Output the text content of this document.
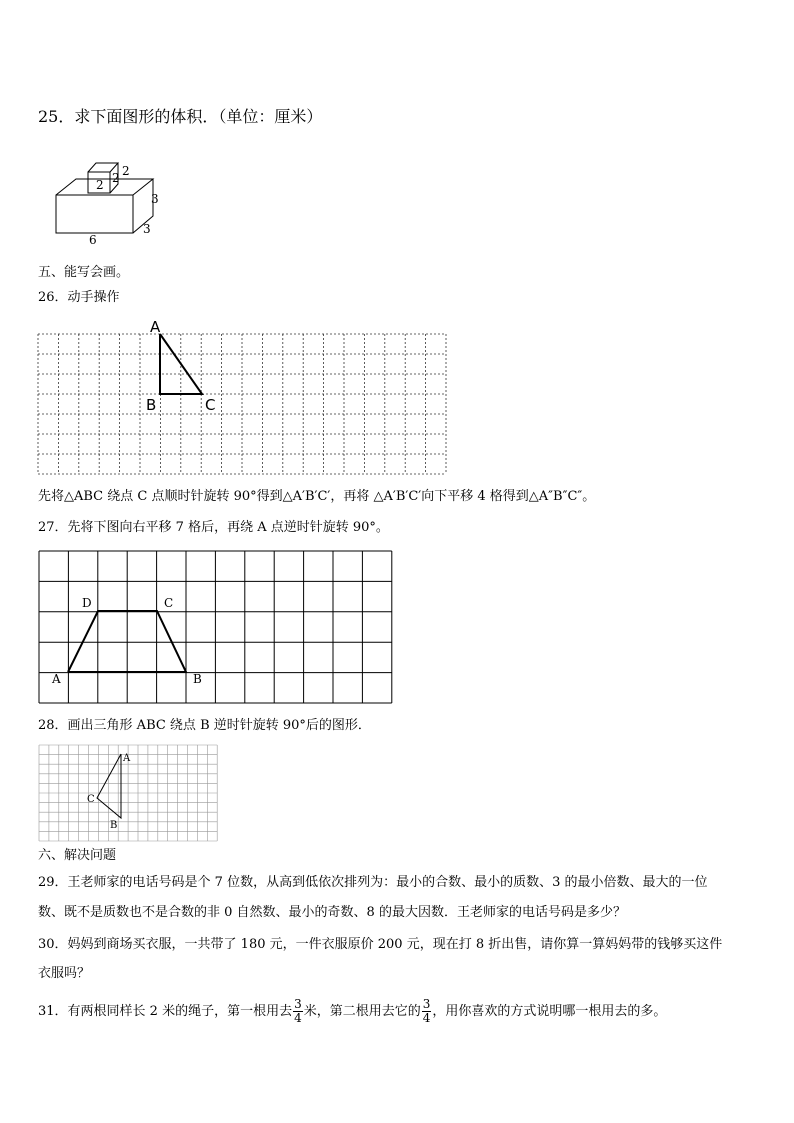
25．求下面图形的体积．（单位：厘米）
2 2 2
3
3
6
五、能写会画。
26．动手操作
A
B	C
先将△ABC 绕点 C 点顺时针旋转 90°得到△A′B′C′，再将 △A′B′C′向下平移 4 格得到△A″B″C″。
27．先将下图向右平移 7 格后，再绕 A 点逆时针旋转 90°。
A	B
C
D
28．画出三角形 ABC 绕点 B 逆时针旋转 90°后的图形．
A
B
C
六、解决问题
29．王老师家的电话号码是个 7 位数，从高到低依次排列为：最小的合数、最小的质数、3 的最小倍数、最大的一位
数、既不是质数也不是合数的非 0 自然数、最小的奇数、8 的最大因数．王老师家的电话号码是多少？
30．妈妈到商场买衣服，一共带了 180 元，一件衣服原价 200 元，现在打 8 折出售，请你算一算妈妈带的钱够买这件
衣服吗？
31．有两根同样长 2 米的绳子，第一根用去 $\frac{3}{4}$ 米，第二根用去它的 $\frac{3}{4}$ ，用你喜欢的方式说明哪一根用去的多。
